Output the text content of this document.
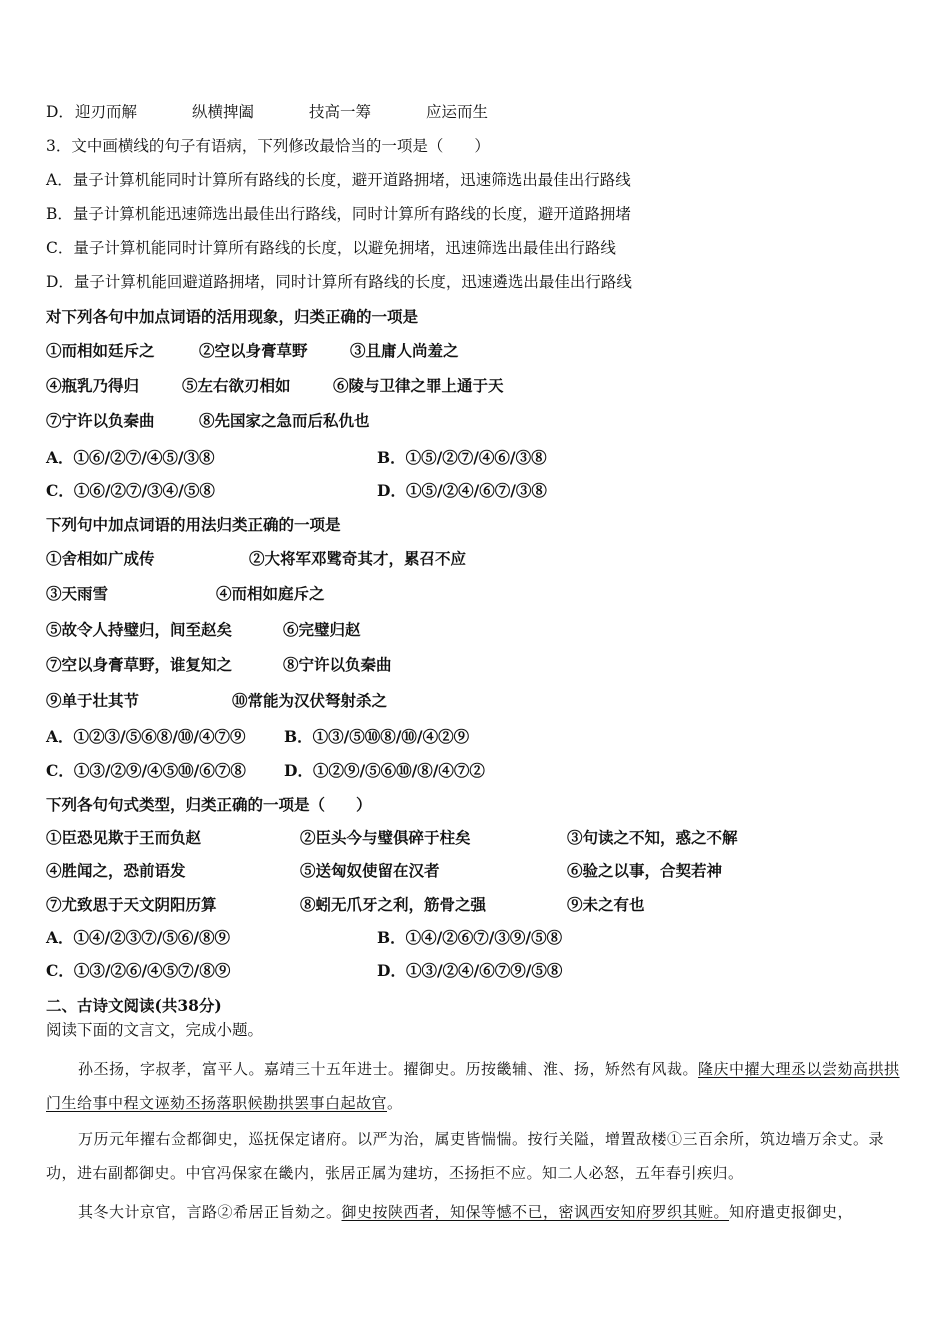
D． 迎刃而解	纵横捭阖	技高一筹	应运而生
3．文中画横线的句子有语病，下列修改最恰当的一项是（　　）
A．量子计算机能同时计算所有路线的长度，避开道路拥堵，迅速筛选出最佳出行路线
B．量子计算机能迅速筛选出最佳出行路线，同时计算所有路线的长度，避开道路拥堵
C．量子计算机能同时计算所有路线的长度，以避免拥堵，迅速筛选出最佳出行路线
D．量子计算机能回避道路拥堵，同时计算所有路线的长度，迅速遴选出最佳出行路线
对下列各句中加点词语的活用现象，归类正确的一项是
①而相如廷斥之	②空以身膏草野	③且庸人尚羞之
④瓶乳乃得归	⑤左右欲刃相如	⑥陵与卫律之罪上通于天
⑦宁许以负秦曲	⑧先国家之急而后私仇也
A．①⑥/②⑦/④⑤/③⑧	B．①⑤/②⑦/④⑥/③⑧
C．①⑥/②⑦/③④/⑤⑧	D．①⑤/②④/⑥⑦/③⑧
下列句中加点词语的用法归类正确的一项是
①舍相如广成传	②大将军邓骘奇其才，累召不应
③天雨雪	④而相如庭斥之
⑤故令人持璧归，间至赵矣	⑥完璧归赵
⑦空以身膏草野，谁复知之	⑧宁许以负秦曲
⑨单于壮其节	⑩常能为汉伏弩射杀之
A．①②③/⑤⑥⑧/⑩/④⑦⑨ B．①③/⑤⑩⑧/⑩/④②⑨
C．①③/②⑨/④⑤⑩/⑥⑦⑧ D．①②⑨/⑤⑥⑩/⑧/④⑦②
下列各句句式类型，归类正确的一项是（　　）
①臣恐见欺于王而负赵	②臣头今与璧俱碎于柱矣	③句读之不知，惑之不解
④胜闻之，恐前语发	⑤送匈奴使留在汉者	⑥验之以事，合契若神
⑦尤致思于天文阴阳历算	⑧蚓无爪牙之利，筋骨之强	⑨未之有也
A．①④/②③⑦/⑤⑥/⑧⑨	B．①④/②⑥⑦/③⑨/⑤⑧
C．①③/②⑥/④⑤⑦/⑧⑨	D．①③/②④/⑥⑦⑨/⑤⑧
二、古诗文阅读(共38分)
阅读下面的文言文，完成小题。
孙丕扬，字叔孝，富平人。嘉靖三十五年进士。擢御史。历按畿辅、淮、扬，矫然有风裁。隆庆中擢大理丞以尝劾高拱拱门生给事中程文诬劾丕扬落职候勘拱罢事白起故官。
万历元年擢右佥都御史，巡抚保定诸府。以严为治，属吏皆惴惴。按行关隘，增置敌楼①三百余所，筑边墙万余丈。录功，进右副都御史。中官冯保家在畿内，张居正属为建坊，丕扬拒不应。知二人必怒，五年春引疾归。
其冬大计京官，言路②希居正旨劾之。御史按陕西者，知保等憾不已，密讽西安知府罗织其赃。知府遣吏报御史，
